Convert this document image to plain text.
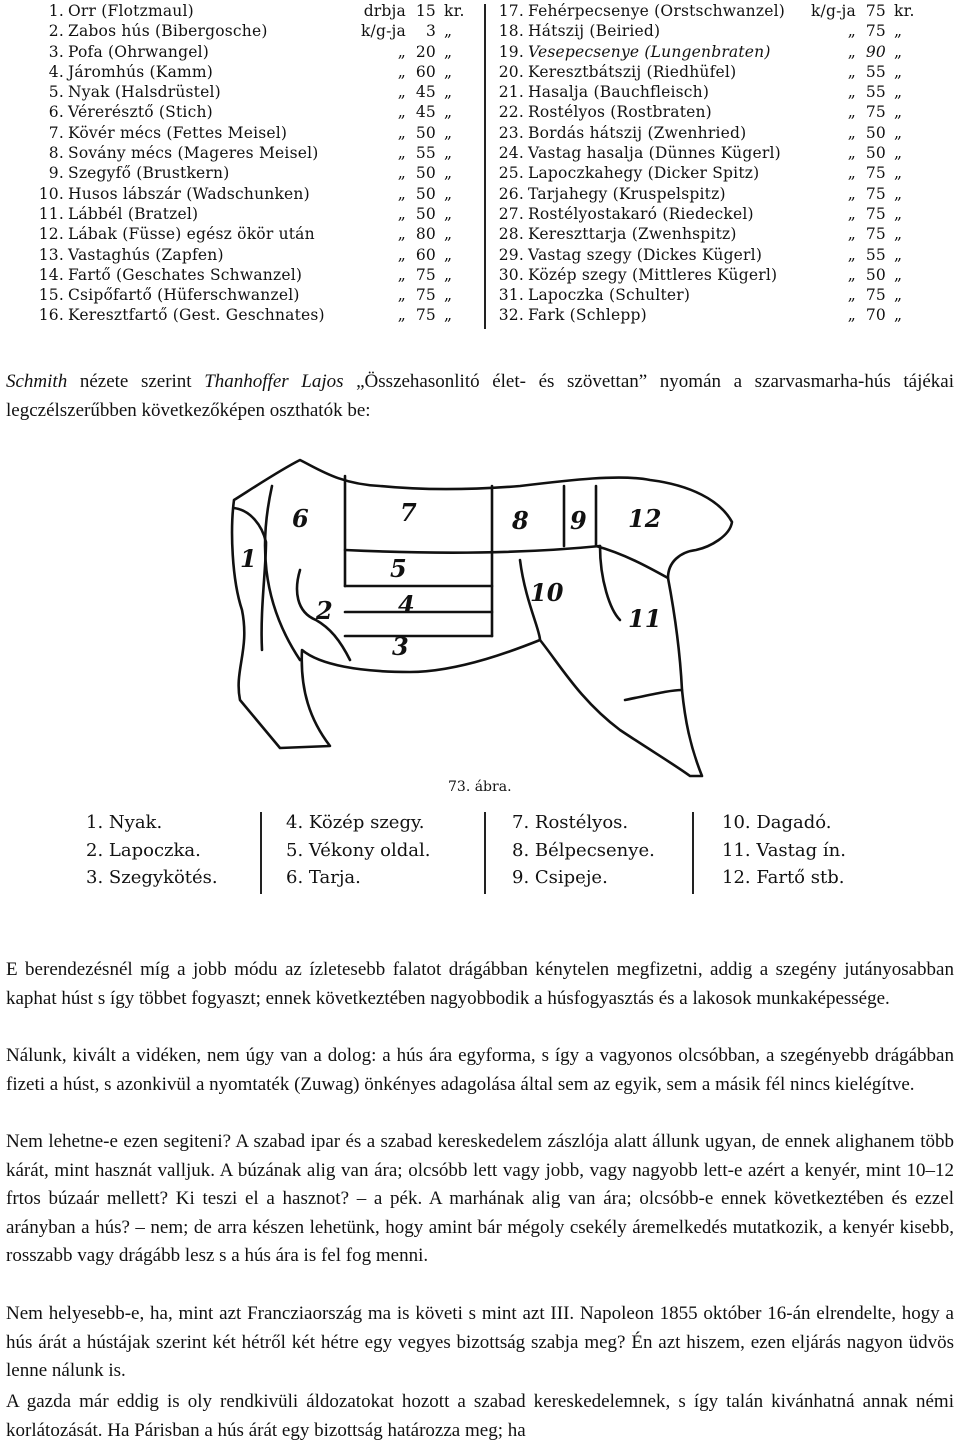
1. Orr (Flotzmaul)	drbja 15 kr.
2. Zabos hús (Bibergosche)	k/g-ja	3 „
3. Pofa (Ohrwangel)	„ 20 „
4. Járomhús (Kamm)	„ 60 „
5. Nyak (Halsdrüstel)	„ 45 „
6. Vérerésztő (Stich)	„ 45 „
7. Kövér mécs (Fettes Meisel)	„ 50 „
8. Sovány mécs (Mageres Meisel)	„ 55 „
9. Szegyfő (Brustkern)	„ 50 „
10. Husos lábszár (Wadschunken)	„ 50 „
11. Lábbél (Bratzel)	„ 50 „
12. Lábak (Füsse) egész ökör után	„ 80 „
13. Vastaghús (Zapfen)	„ 60 „
14. Fartő (Geschates Schwanzel)	„ 75 „
15. Csipőfartő (Hüferschwanzel)	„ 75 „
16. Keresztfartő (Gest. Geschnates)	„ 75 „
17. Fehérpecsenye (Orstschwanzel)	k/g-ja 75 kr.
18. Hátszij (Beiried)	„ 75 „
19. Vesepecsenye (Lungenbraten)	„ 90 „
20. Keresztbátszij (Riedhüfel)	„ 55 „
21. Hasalja (Bauchfleisch)	„ 55 „
22. Rostélyos (Rostbraten)	„ 75 „
23. Bordás hátszij (Zwenhried)	„ 50 „
24. Vastag hasalja (Dünnes Kügerl)	„ 50 „
25. Lapoczkahegy (Dicker Spitz)	„ 75 „
26. Tarjahegy (Kruspelspitz)	„ 75 „
27. Rostélyostakaró (Riedeckel)	„ 75 „
28. Kereszttarja (Zwenhspitz)	„ 75 „
29. Vastag szegy (Dickes Kügerl)	„ 55 „
30. Közép szegy (Mittleres Kügerl)	„ 50 „
31. Lapoczka (Schulter)	„ 75 „
32. Fark (Schlepp)	„ 70 „

Schmith nézete szerint Thanhoffer Lajos „Összehasonlitó élet- és szövettan” nyomán a szarvasmarha-hús tájékai legczélszerűbben következőképen oszthatók be:

6	7	8 9 12
1	5
2	4	10
11
3
73. ábra.
1. Nyak.
2. Lapoczka.
3. Szegykötés.
4. Közép szegy.
5. Vékony oldal.
6. Tarja.
7. Rostélyos.
8. Bélpecsenye.
9. Csipeje.
10. Dagadó.
11. Vastag ín.
12. Fartő stb.

E berendezésnél míg a jobb módu az ízletesebb falatot drágábban kénytelen megfizetni, addig a szegény jutányosabban kaphat húst s így többet fogyaszt; ennek következtében nagyobbodik a húsfogyasztás és a lakosok munkaképessége.

Nálunk, kivált a vidéken, nem úgy van a dolog: a hús ára egyforma, s így a vagyonos olcsóbban, a szegényebb drágábban fizeti a húst, s azonkivül a nyomtaték (Zuwag) önkényes adagolása által sem az egyik, sem a másik fél nincs kielégítve.

Nem lehetne-e ezen segiteni? A szabad ipar és a szabad kereskedelem zászlója alatt állunk ugyan, de ennek alighanem több kárát, mint hasznát valljuk. A búzának alig van ára; olcsóbb lett vagy jobb, vagy nagyobb lett-e azért a kenyér, mint 10–12 frtos búzaár mellett? Ki teszi el a hasznot? – a pék. A marhának alig van ára; olcsóbb-e ennek következtében és ezzel arányban a hús? – nem; de arra készen lehetünk, hogy amint bár mégoly csekély áremelkedés mutatkozik, a kenyér kisebb, rosszabb vagy drágább lesz s a hús ára is fel fog menni.

Nem helyesebb-e, ha, mint azt Francziaország ma is követi s mint azt III. Napoleon 1855 október 16-án elrendelte, hogy a hús árát a hústájak szerint két hétről két hétre egy vegyes bizottság szabja meg? Én azt hiszem, ezen eljárás nagyon üdvös lenne nálunk is.

A gazda már eddig is oly rendkivüli áldozatokat hozott a szabad kereskedelemnek, s így talán kivánhatná annak némi korlátozását. Ha Párisban a hús árát egy bizottság határozza meg; ha
